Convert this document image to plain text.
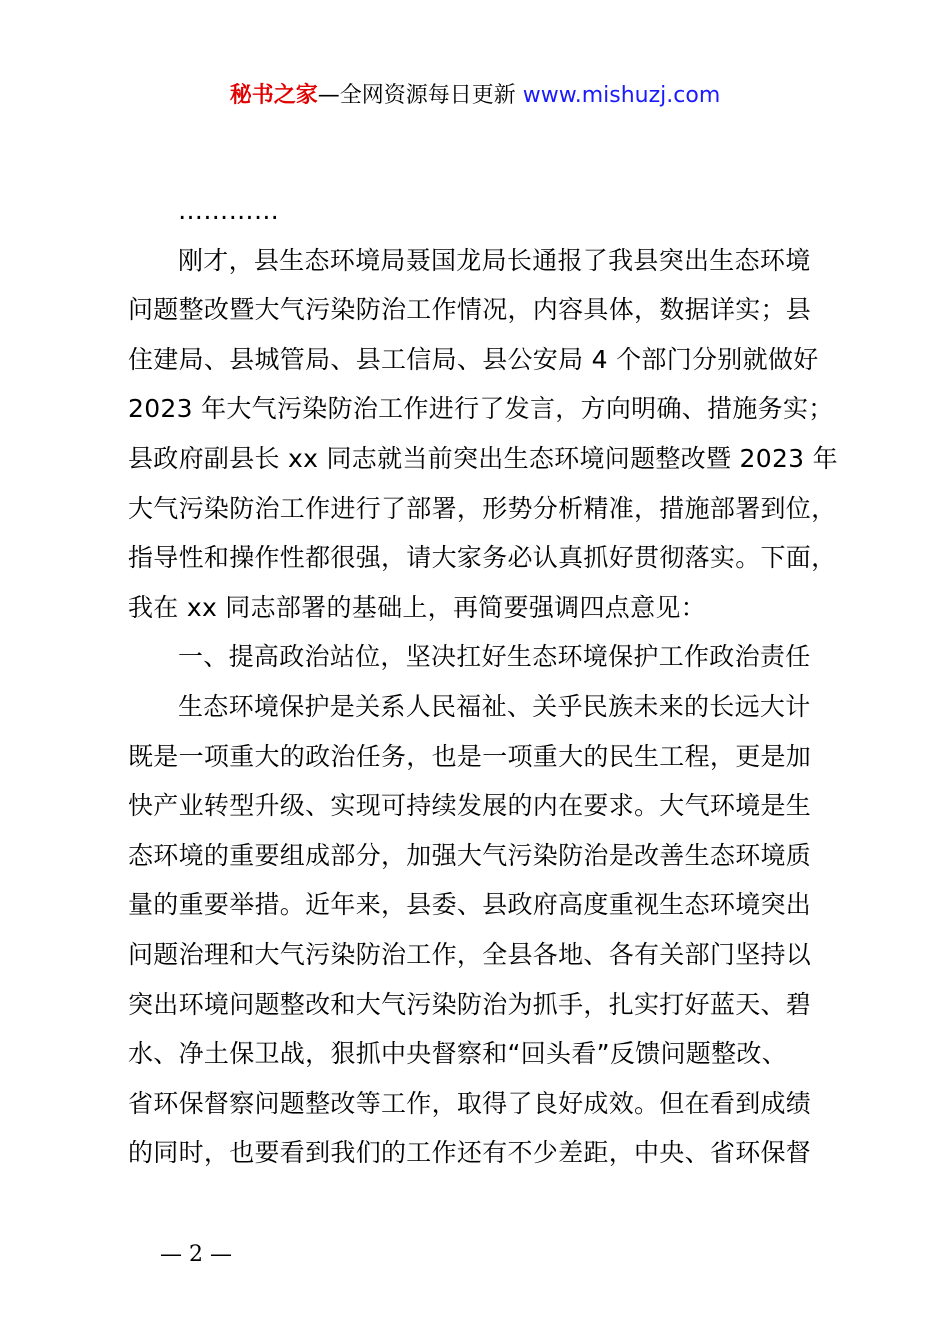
秘书之家—全网资源每日更新 www.mishuzj.com
…………
刚才，县生态环境局聂国龙局长通报了我县突出生态环境
问题整改暨大气污染防治工作情况，内容具体，数据详实；县
住建局、县城管局、县工信局、县公安局 4 个部门分别就做好
2023 年大气污染防治工作进行了发言，方向明确、措施务实；
县政府副县长 xx 同志就当前突出生态环境问题整改暨 2023 年
大气污染防治工作进行了部署，形势分析精准，措施部署到位，
指导性和操作性都很强，请大家务必认真抓好贯彻落实。下面，
我在 xx 同志部署的基础上，再简要强调四点意见：
一、提高政治站位，坚决扛好生态环境保护工作政治责任
生态环境保护是关系人民福祉、关乎民族未来的长远大计
既是一项重大的政治任务，也是一项重大的民生工程，更是加
快产业转型升级、实现可持续发展的内在要求。大气环境是生
态环境的重要组成部分，加强大气污染防治是改善生态环境质
量的重要举措。近年来，县委、县政府高度重视生态环境突出
问题治理和大气污染防治工作，全县各地、各有关部门坚持以
突出环境问题整改和大气污染防治为抓手，扎实打好蓝天、碧
水、净土保卫战，狠抓中央督察和“回头看”反馈问题整改、
省环保督察问题整改等工作，取得了良好成效。但在看到成绩
的同时，也要看到我们的工作还有不少差距，中央、省环保督
— 2 —
